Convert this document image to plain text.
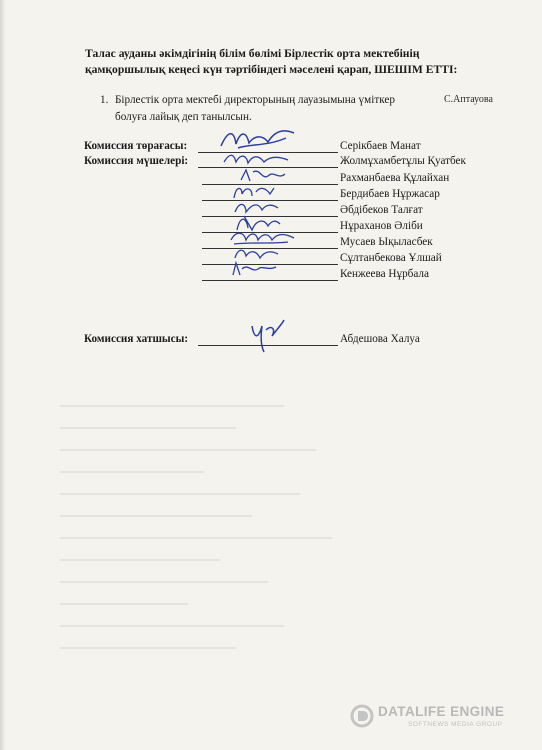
Талас ауданы әкімдігінің білім бөлімі Бірлестік орта мектебінің
қамқоршылық кеңесі күн тәртібіндегі мәселені қарап, ШЕШІМ ЕТТІ:
1. Бірлестік орта мектебі директорының лауазымына үміткер
болуға лайық деп танылсын.
С.Аптауова
Комиссия төрағасы:	Серікбаев Манат
Комиссия мүшелері:	Жолмұхамбетұлы Қуатбек
Рахманбаева Құлайхан
Бердибаев Нұржасар
Әбдібеков Талғат
Нұраханов Әліби
Мусаев Ықыласбек
Сұлтанбекова Ұлшай
Кенжеева Нұрбала
Комиссия хатшысы:	Абдешова Халуа
DATALIFE ENGINE
SOFTNEWS MEDIA GROUP
